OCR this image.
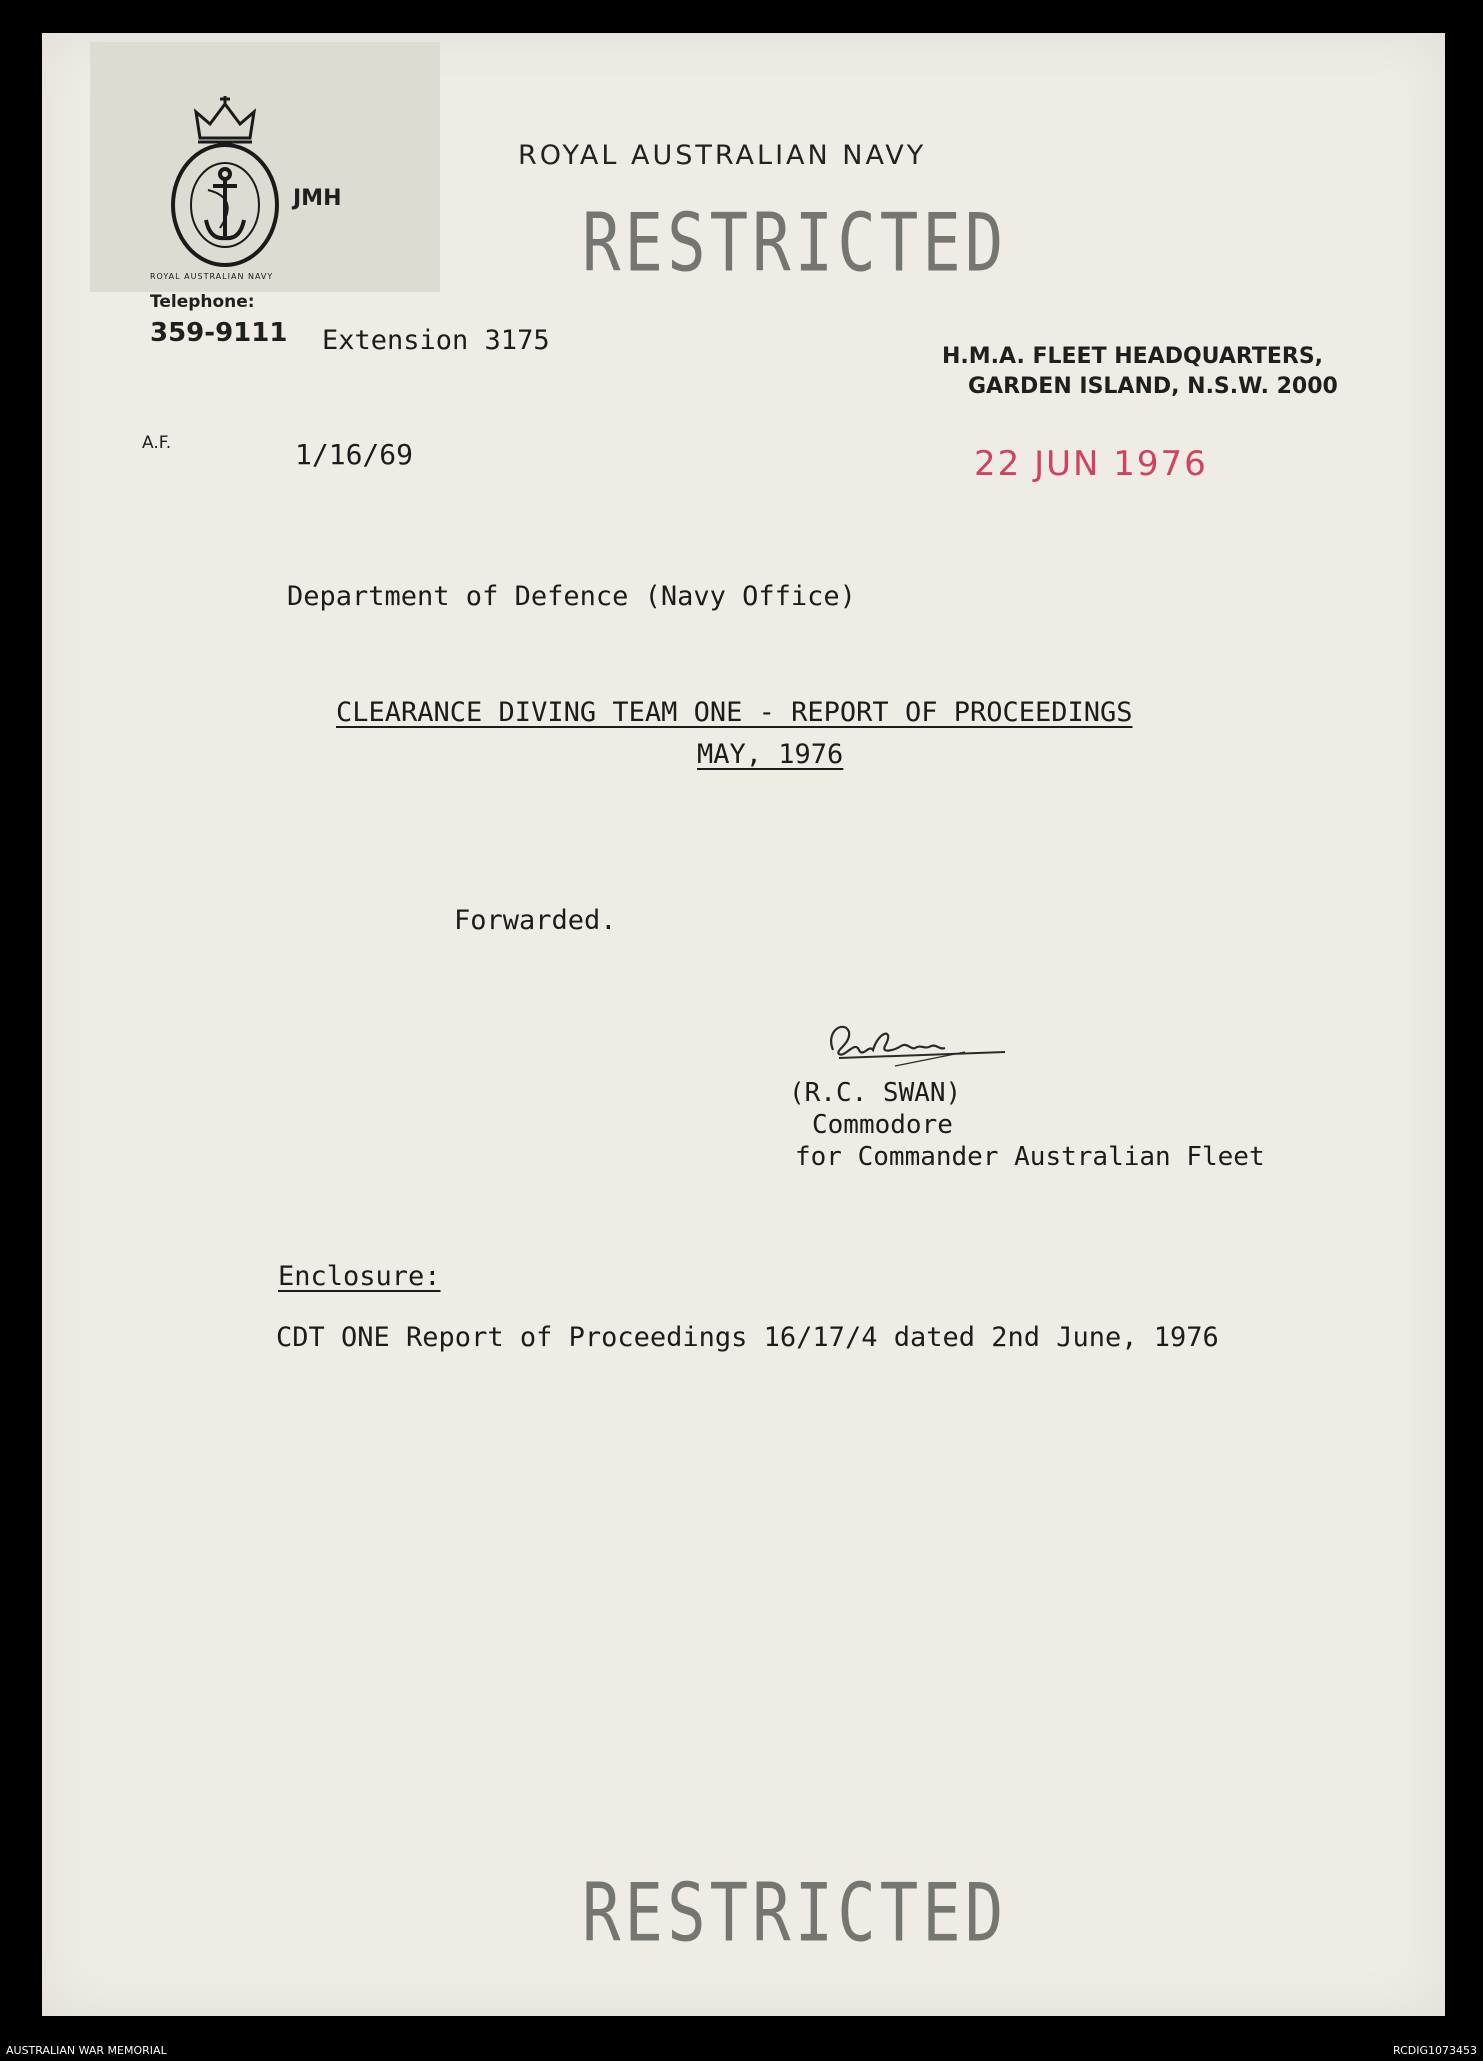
ROYAL AUSTRALIAN NAVY
JMH
ROYAL AUSTRALIAN NAVY
RESTRICTED
Telephone:
359-9111 Extension 3175
H.M.A. FLEET HEADQUARTERS,
GARDEN ISLAND, N.S.W. 2000
A.F.	1/16/69	22 JUN 1976
Department of Defence (Navy Office)
CLEARANCE DIVING TEAM ONE - REPORT OF PROCEEDINGS
MAY, 1976
Forwarded.
(R.C. SWAN)
Commodore
for Commander Australian Fleet
Enclosure:
CDT ONE Report of Proceedings 16/17/4 dated 2nd June, 1976
RESTRICTED
AUSTRALIAN WAR MEMORIAL	RCDIG1073453
